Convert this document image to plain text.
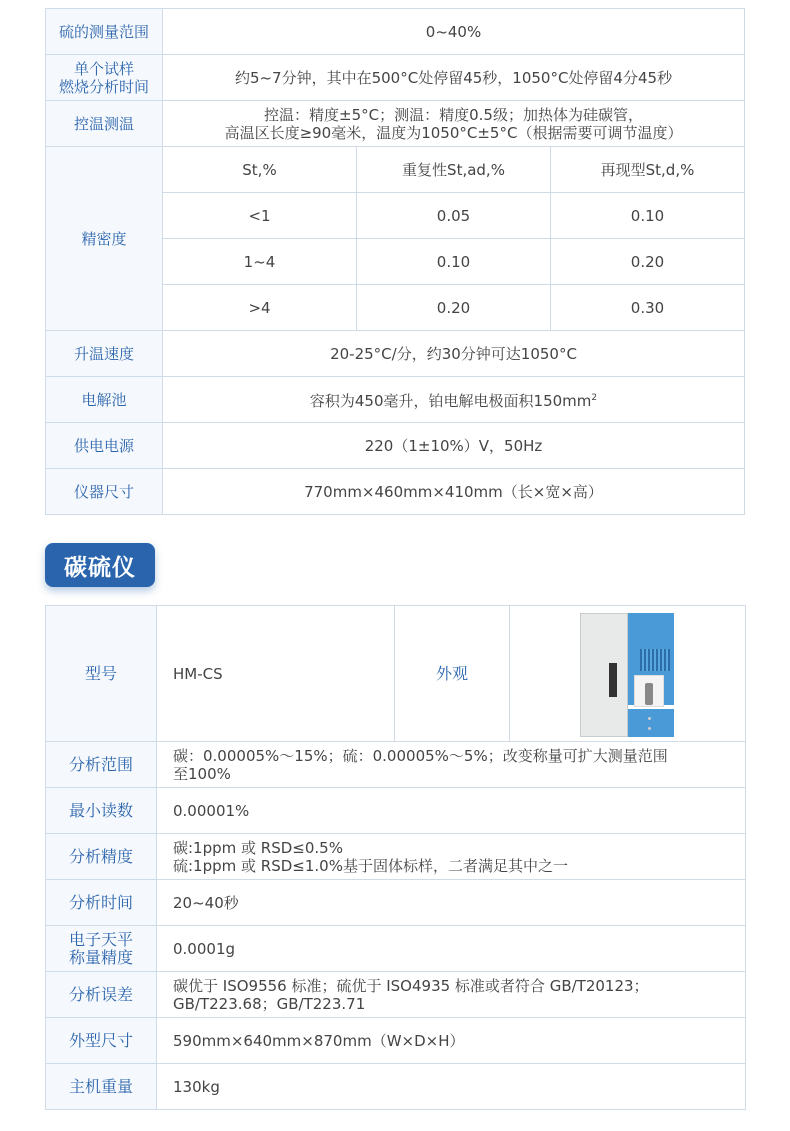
硫的测量范围	0~40%		

单个试样
燃烧分析时间	约5~7分钟，其中在500°C处停留45秒，1050°C处停留4分45秒		
控温测温	控温：精度±5°C；测温：精度0.5级；加热体为硅碳管，
高温区长度≥90毫米，温度为1050°C±5°C（根据需要可调节温度）		

精密度	St,%	重复性St,ad,%	再现型St,d,%
	<1	0.05	0.10
	1~4	0.10	0.20
	>4	0.20	0.30
升温速度	20-25°C/分，约30分钟可达1050°C		
电解池	容积为450毫升，铂电解电极面积$150mm^2$
供电电源	220（1±10%）V，50Hz		
仪器尺寸	770mm×460mm×410mm（长×宽×高）		
碳硫仪
型号	HM-CS	外观	

分析范围	碳：0.00005%～15%；硫：0.00005%～5%；改变称量可扩大测量范围
至100%		

最小读数	0.00001%		
分析精度	碳:1ppm 或 RSD≤0.5%
硫:1ppm 或 RSD≤1.0%基于固体标样，二者满足其中之一		

分析时间	20~40秒		

电子天平
称量精度	0.0001g		
分析误差	碳优于 ISO9556 标准；硫优于 ISO4935 标准或者符合 GB/T20123；
GB/T223.68；GB/T223.71		

外型尺寸	590mm×640mm×870mm（W×D×H）		
主机重量	130kg		
